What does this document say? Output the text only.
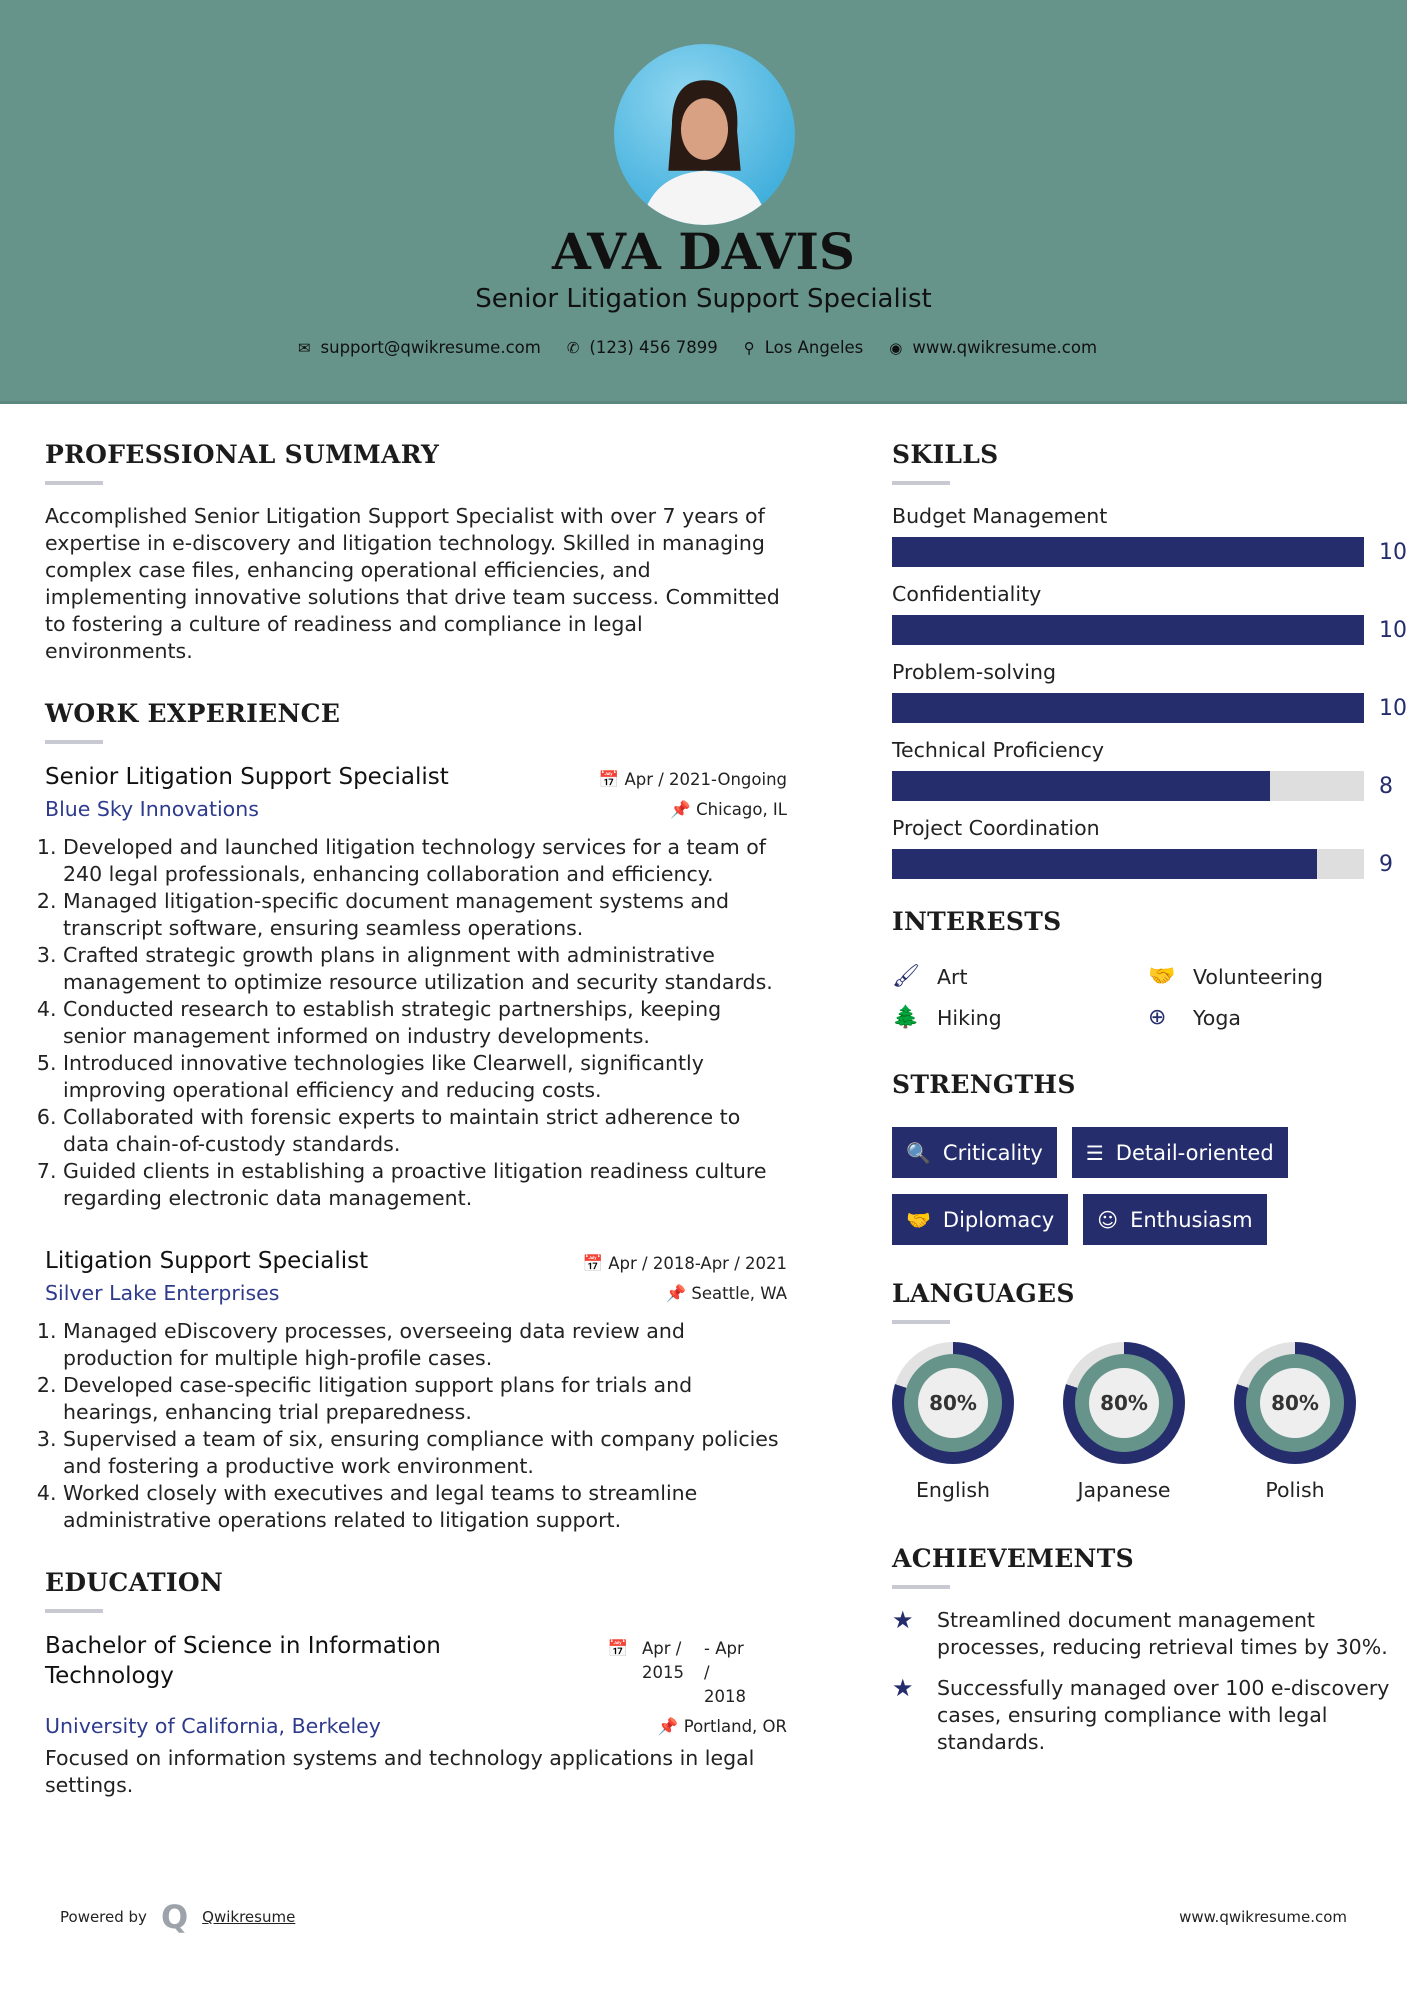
AVA DAVIS
Senior Litigation Support Specialist
✉ support@qwikresume.com ✆ (123) 456 7899 ⚲ Los Angeles ◉ www.qwikresume.com
PROFESSIONAL SUMMARY

Accomplished Senior Litigation Support Specialist with over 7 years of expertise in e-discovery and litigation technology. Skilled in managing complex case files, enhancing operational efficiencies, and implementing innovative solutions that drive team success. Committed to fostering a culture of readiness and compliance in legal environments.

WORK EXPERIENCE
Senior Litigation Support Specialist	📅 Apr / 2021-Ongoing
Blue Sky Innovations	📌 Chicago, IL
1. Developed and launched litigation technology services for a team of 240 legal professionals, enhancing collaboration and efficiency.
2. Managed litigation-specific document management systems and transcript software, ensuring seamless operations.
3. Crafted strategic growth plans in alignment with administrative management to optimize resource utilization and security standards.
4. Conducted research to establish strategic partnerships, keeping senior management informed on industry developments.
5. Introduced innovative technologies like Clearwell, significantly improving operational efficiency and reducing costs.
6. Collaborated with forensic experts to maintain strict adherence to data chain-of-custody standards.
7. Guided clients in establishing a proactive litigation readiness culture regarding electronic data management.
Litigation Support Specialist	📅 Apr / 2018-Apr / 2021
Silver Lake Enterprises	📌 Seattle, WA
1. Managed eDiscovery processes, overseeing data review and production for multiple high-profile cases.
2. Developed case-specific litigation support plans for trials and hearings, enhancing trial preparedness.
3. Supervised a team of six, ensuring compliance with company policies and fostering a productive work environment.
4. Worked closely with executives and legal teams to streamline administrative operations related to litigation support.
EDUCATION
Bachelor of Science in Information Technology
📅 Apr / 2015
- Apr / 2018
University of California, Berkeley	📌 Portland, OR

Focused on information systems and technology applications in legal settings.

SKILLS
Budget Management
10
Confidentiality
10
Problem-solving
10
Technical Proficiency
8
Project Coordination
9
INTERESTS
🖌 Art	🤝 Volunteering
🌲 Hiking	⊕	Yoga
STRENGTHS
🔍 Criticality ☰ Detail-oriented
🤝 Diplomacy ☺ Enthusiasm
LANGUAGES
80%
English
80%
Japanese
80%
Polish
ACHIEVEMENTS
★	Streamlined document management processes, reducing retrieval times by 30%.
★	Successfully managed over 100 e-discovery cases, ensuring compliance with legal standards.
Powered by Q Qwikresume	www.qwikresume.com
